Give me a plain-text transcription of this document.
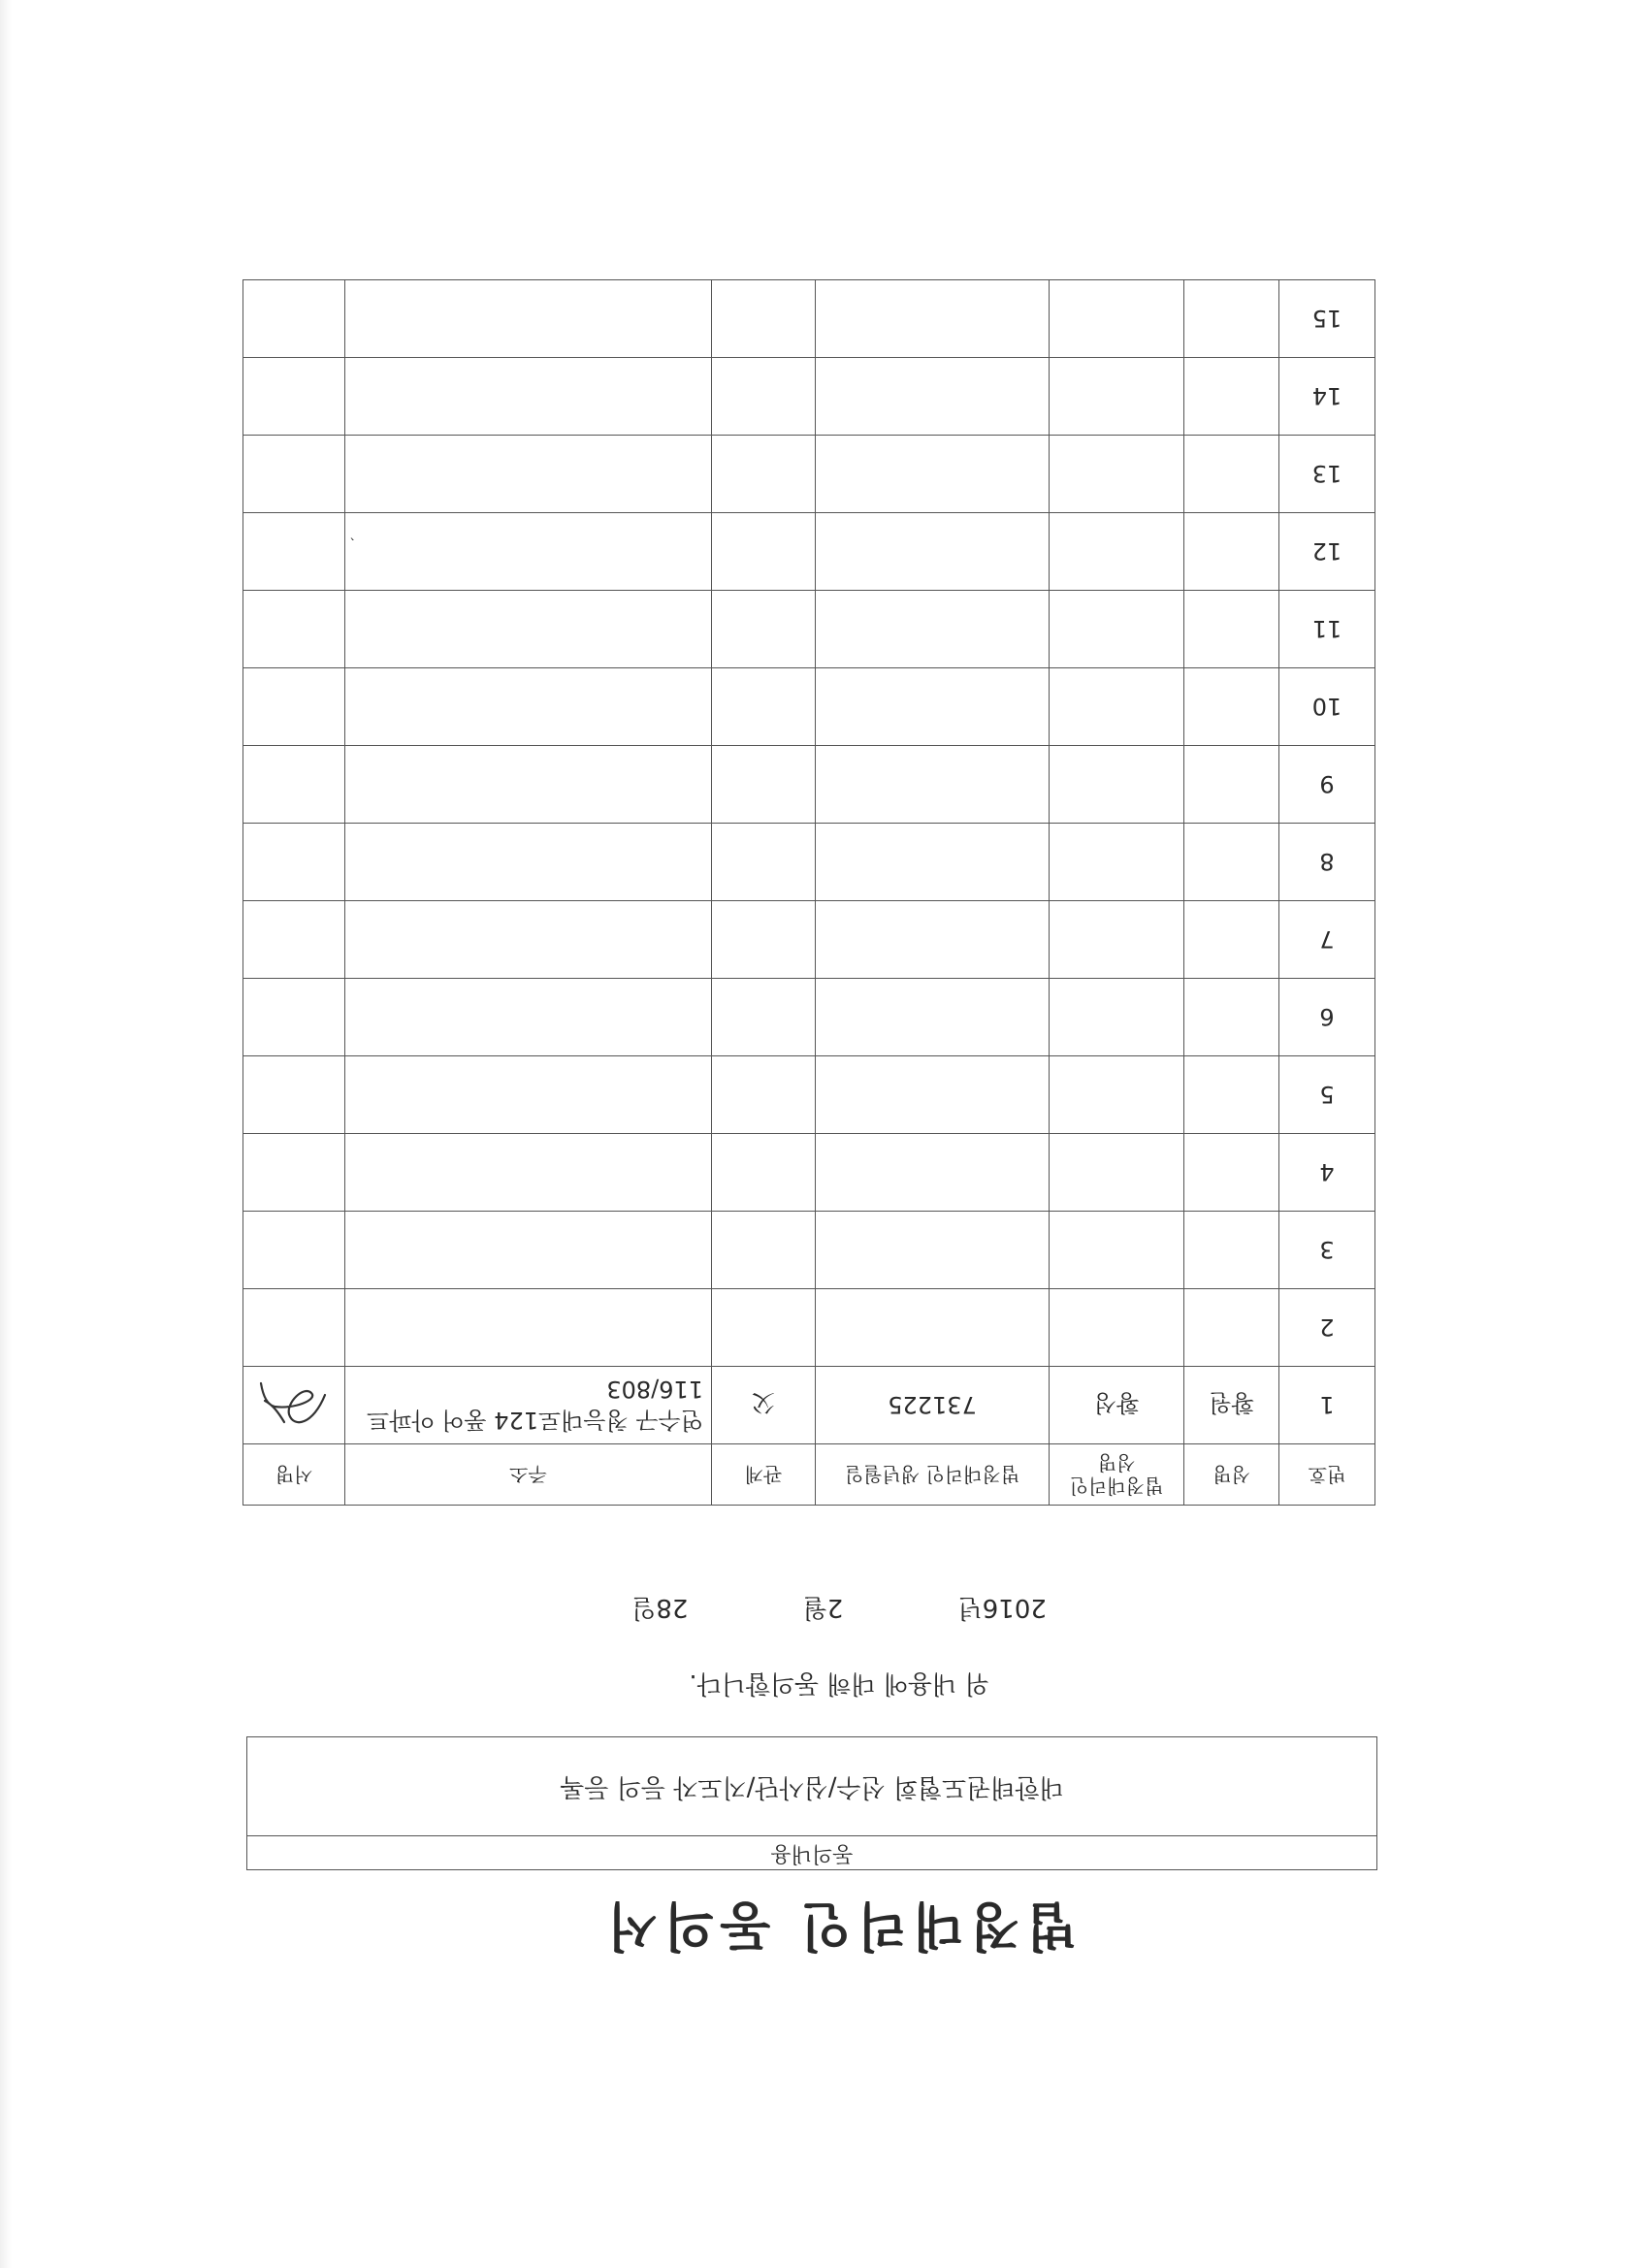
법정대리인 동의서
동의내용
대한태권도협회 선수/심사단/지도자 등의 등록
위 내용에 대해 동의합니다.
2016년 2월 28일
번호	성명	법정대리인 성명	법정대리인 생년월일	관계	주소	서명
1	황원	황성	731225	父	연수구 청능대로124 풍어 아파트 116/803	

2						
3						
4						
5						
6						
7						
8						
9						
10						
11						
12						
13						
14						
15						
ˎ
